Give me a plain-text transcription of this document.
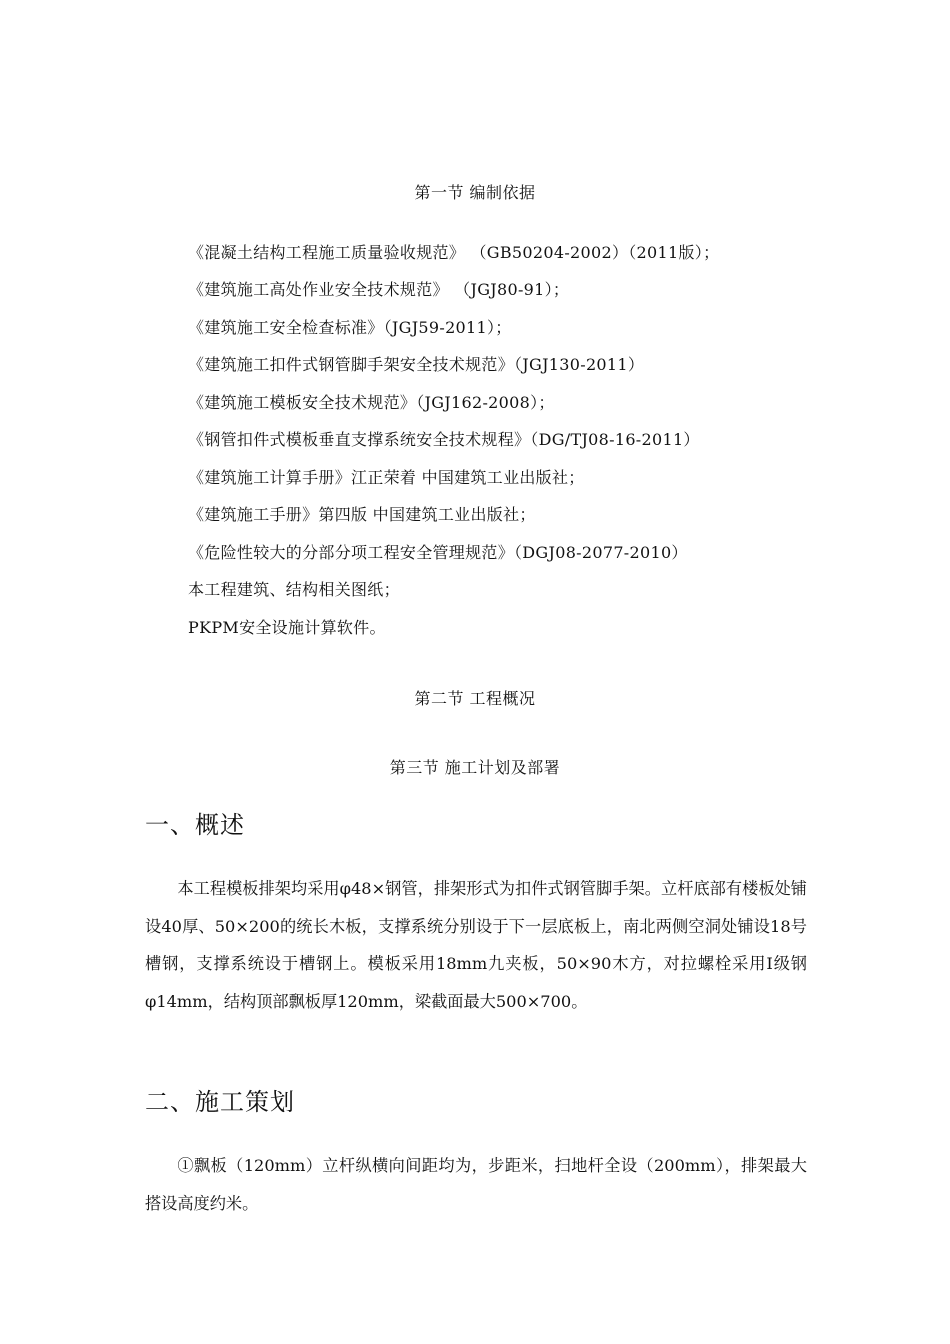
第一节 编制依据
《混凝土结构工程施工质量验收规范》 （GB50204-2002）（2011版）；
《建筑施工高处作业安全技术规范》 （JGJ80-91）；
《建筑施工安全检查标准》（JGJ59-2011）；
《建筑施工扣件式钢管脚手架安全技术规范》（JGJ130-2011）
《建筑施工模板安全技术规范》（JGJ162-2008）；
《钢管扣件式模板垂直支撑系统安全技术规程》（DG/TJ08-16-2011）
《建筑施工计算手册》江正荣着 中国建筑工业出版社；
《建筑施工手册》第四版 中国建筑工业出版社；
《危险性较大的分部分项工程安全管理规范》（DGJ08-2077-2010）
本工程建筑、结构相关图纸；
PKPM安全设施计算软件。
第二节 工程概况
第三节 施工计划及部署
一、概述

本工程模板排架均采用φ48×钢管，排架形式为扣件式钢管脚手架。立杆底部有楼板处铺设40厚、50×200的统长木板，支撑系统分别设于下一层底板上，南北两侧空洞处铺设18号槽钢，支撑系统设于槽钢上。模板采用18mm九夹板，50×90木方，对拉螺栓采用Ⅰ级钢φ14mm，结构顶部飘板厚120mm，梁截面最大500×700。

二、施工策划

①飘板（120mm）立杆纵横向间距均为，步距米，扫地杆全设（200mm），排架最大搭设高度约米。
